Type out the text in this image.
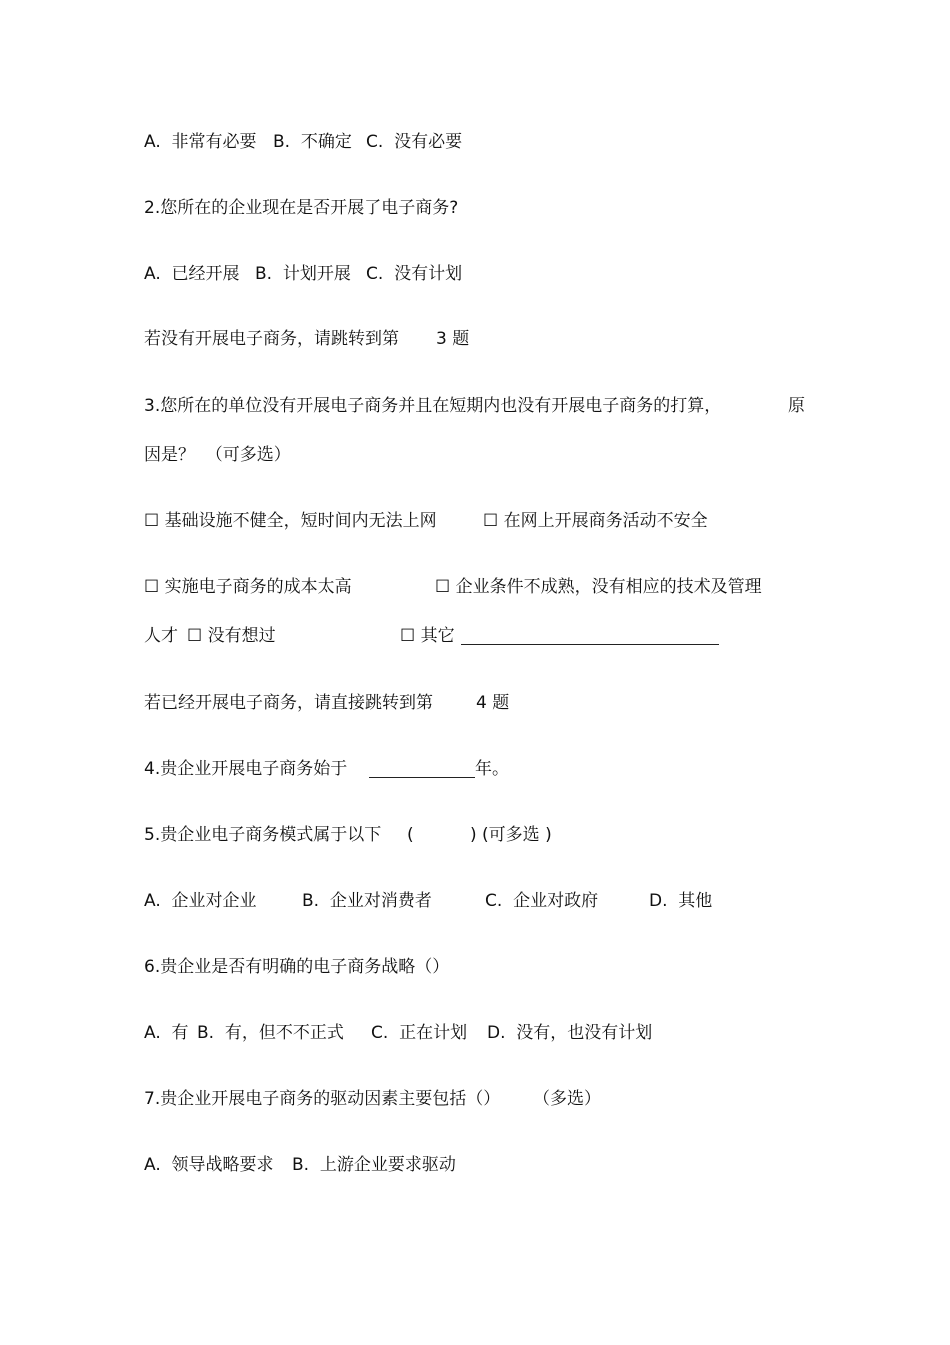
A.  非常有必要 B.  不确定 C.  没有必要
2.您所在的企业现在是否开展了电子商务?
A.  已经开展 B.  计划开展 C.  没有计划
若没有开展电子商务，请跳转到第 3 题
3.您所在的单位没有开展电子商务并且在短期内也没有开展电子商务的打算，	原
因是？  （可多选）
☐ 基础设施不健全，短时间内无法上网	☐ 在网上开展商务活动不安全
☐ 实施电子商务的成本太高	☐ 企业条件不成熟，没有相应的技术及管理
人才 ☐ 没有想过	☐ 其它
若已经开展电子商务，请直接跳转到第	4 题
4.贵企业开展电子商务始于	年。
5.贵企业电子商务模式属于以下 (	) (可多选 )
A.  企业对企业	B.  企业对消费者	C.  企业对政府	D.  其他
6.贵企业是否有明确的电子商务战略（）
A.  有 B.  有，但不不正式 C.  正在计划 D.  没有，也没有计划
7.贵企业开展电子商务的驱动因素主要包括（） （多选）
A.  领导战略要求 B.  上游企业要求驱动
